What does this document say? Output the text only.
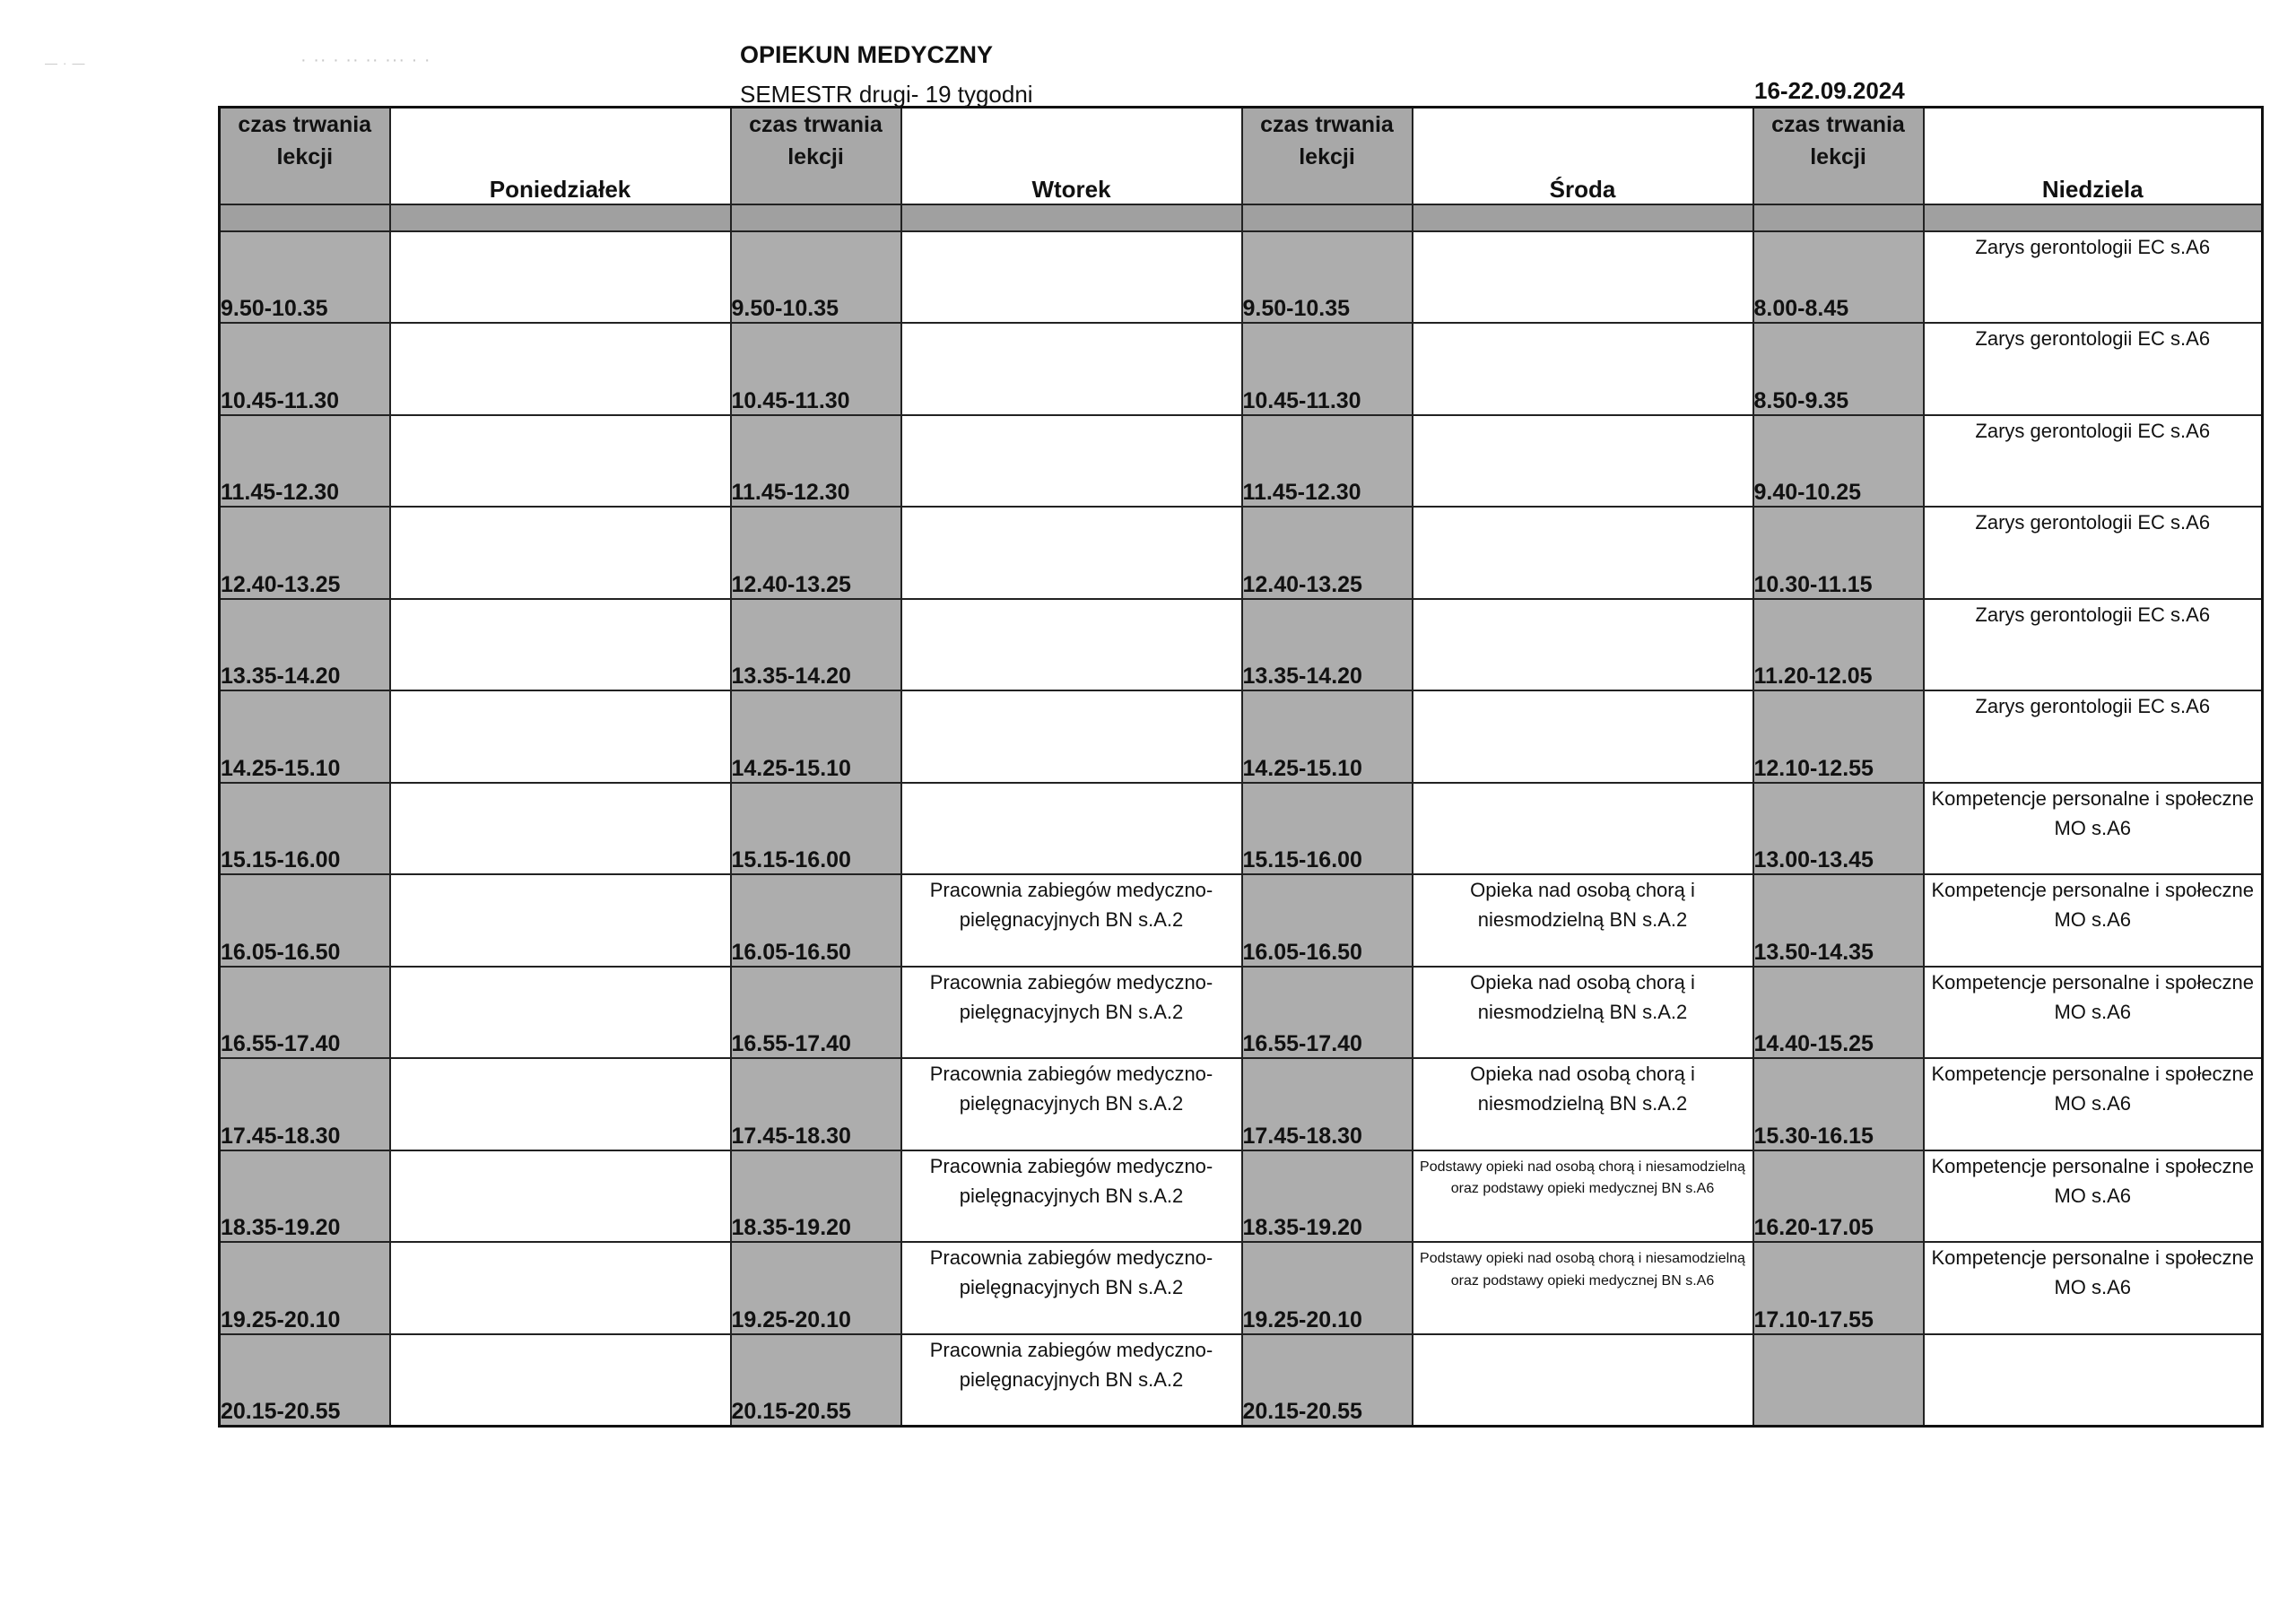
· ·· · ·· ·· ··· · ·
— · —	OPIEKUN MEDYCZNY
SEMESTR drugi- 19 tygodni	16-22.09.2024
czas trwania lekcji	Poniedziałek	czas trwania lekcji	Wtorek	czas trwania lekcji	Środa	czas trwania lekcji	Niedziela

9.50-10.35		9.50-10.35		9.50-10.35		8.00-8.45	Zarys gerontologii EC s.A6
10.45-11.30		10.45-11.30		10.45-11.30		8.50-9.35	Zarys gerontologii EC s.A6
11.45-12.30		11.45-12.30		11.45-12.30		9.40-10.25	Zarys gerontologii EC s.A6
12.40-13.25		12.40-13.25		12.40-13.25		10.30-11.15	Zarys gerontologii EC s.A6
13.35-14.20		13.35-14.20		13.35-14.20		11.20-12.05	Zarys gerontologii EC s.A6
14.25-15.10		14.25-15.10		14.25-15.10		12.10-12.55	Zarys gerontologii EC s.A6
15.15-16.00		15.15-16.00		15.15-16.00		13.00-13.45	Kompetencje personalne i społeczne MO s.A6
16.05-16.50		16.05-16.50	Pracownia zabiegów medyczno-pielęgnacyjnych BN s.A.2	16.05-16.50	Opieka nad osobą chorą i niesmodzielną BN s.A.2	13.50-14.35	Kompetencje personalne i społeczne MO s.A6
16.55-17.40		16.55-17.40	Pracownia zabiegów medyczno-pielęgnacyjnych BN s.A.2	16.55-17.40	Opieka nad osobą chorą i niesmodzielną BN s.A.2	14.40-15.25	Kompetencje personalne i społeczne MO s.A6
17.45-18.30		17.45-18.30	Pracownia zabiegów medyczno-pielęgnacyjnych BN s.A.2	17.45-18.30	Opieka nad osobą chorą i niesmodzielną BN s.A.2	15.30-16.15	Kompetencje personalne i społeczne MO s.A6
18.35-19.20		18.35-19.20	Pracownia zabiegów medyczno-pielęgnacyjnych BN s.A.2	18.35-19.20	Podstawy opieki nad osobą chorą i niesamodzielną oraz podstawy opieki medycznej BN s.A6	16.20-17.05	Kompetencje personalne i społeczne MO s.A6
19.25-20.10		19.25-20.10	Pracownia zabiegów medyczno-pielęgnacyjnych BN s.A.2	19.25-20.10	Podstawy opieki nad osobą chorą i niesamodzielną oraz podstawy opieki medycznej BN s.A6	17.10-17.55	Kompetencje personalne i społeczne MO s.A6
20.15-20.55		20.15-20.55	Pracownia zabiegów medyczno-pielęgnacyjnych BN s.A.2	20.15-20.55			
